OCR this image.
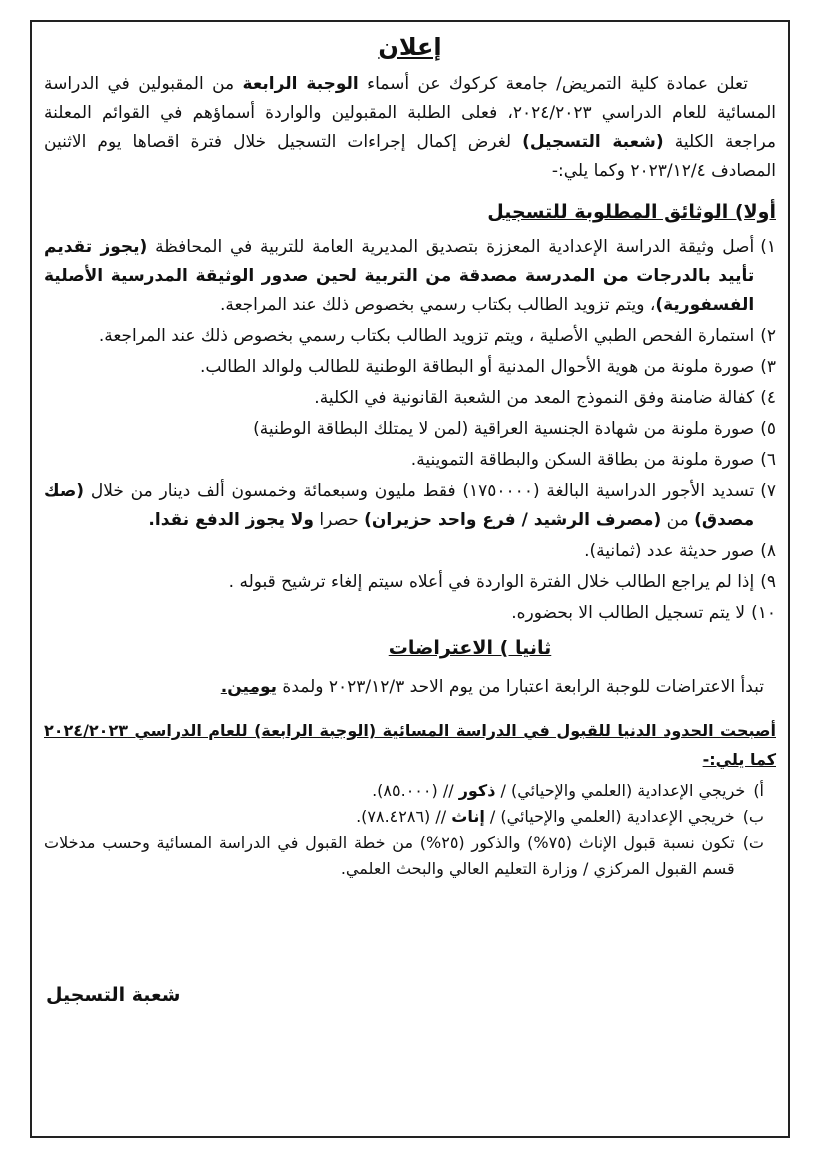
إعلان

تعلن عمادة كلية التمريض/ جامعة كركوك عن أسماء الوجبة الرابعة من المقبولين في الدراسة المسائية للعام الدراسي ٢٠٢٤/٢٠٢٣، فعلى الطلبة المقبولين والواردة أسماؤهم في القوائم المعلنة مراجعة الكلية (شعبة التسجيل) لغرض إكمال إجراءات التسجيل خلال فترة اقصاها يوم الاثنين المصادف ٢٠٢٣/١٢/٤ وكما يلي:-

أولا) الوثائق المطلوبة للتسجيل
١)
أصل وثيقة الدراسة الإعدادية المعززة بتصديق المديرية العامة للتربية في المحافظة (يجوز تقديم تأييد بالدرجات من المدرسة مصدقة من التربية لحين صدور الوثيقة المدرسية الأصلية الفسفورية)، ويتم تزويد الطالب بكتاب رسمي بخصوص ذلك عند المراجعة.
٢)
استمارة الفحص الطبي الأصلية ، ويتم تزويد الطالب بكتاب رسمي بخصوص ذلك عند المراجعة.
٣)
صورة ملونة من هوية الأحوال المدنية أو البطاقة الوطنية للطالب ولوالد الطالب.
٤)
كفالة ضامنة وفق النموذج المعد من الشعبة القانونية في الكلية.
٥)
صورة ملونة من شهادة الجنسية العراقية (لمن لا يمتلك البطاقة الوطنية)
٦)
صورة ملونة من بطاقة السكن والبطاقة التموينية.
٧)
تسديد الأجور الدراسية البالغة (١٧٥٠٠٠٠) فقط مليون وسبعمائة وخمسون ألف دينار من خلال (صك مصدق) من (مصرف الرشيد / فرع واحد حزيران) حصرا ولا يجوز الدفع نقدا.
٨)
صور حديثة عدد (ثمانية).
٩)
إذا لم يراجع الطالب خلال الفترة الواردة في أعلاه سيتم إلغاء ترشيح قبوله .
١٠)
لا يتم تسجيل الطالب الا بحضوره.
ثانيا ) الاعتراضات

تبدأ الاعتراضات للوجبة الرابعة اعتبارا من يوم الاحد ٢٠٢٣/١٢/٣ ولمدة يومين.

أصبحت الحدود الدنيا للقبول في الدراسة المسائية (الوجبة الرابعة) للعام الدراسي ٢٠٢٤/٢٠٢٣ كما يلي:-
أ)
خريجي الإعدادية (العلمي والإحيائي) / ذكور // (٨٥.٠٠٠).
ب)
خريجي الإعدادية (العلمي والإحيائي) / إناث // (٧٨.٤٢٨٦).
ت)
تكون نسبة قبول الإناث (٧٥%) والذكور (٢٥%) من خطة القبول في الدراسة المسائية وحسب مدخلات قسم القبول المركزي / وزارة التعليم العالي والبحث العلمي.
شعبة التسجيل
